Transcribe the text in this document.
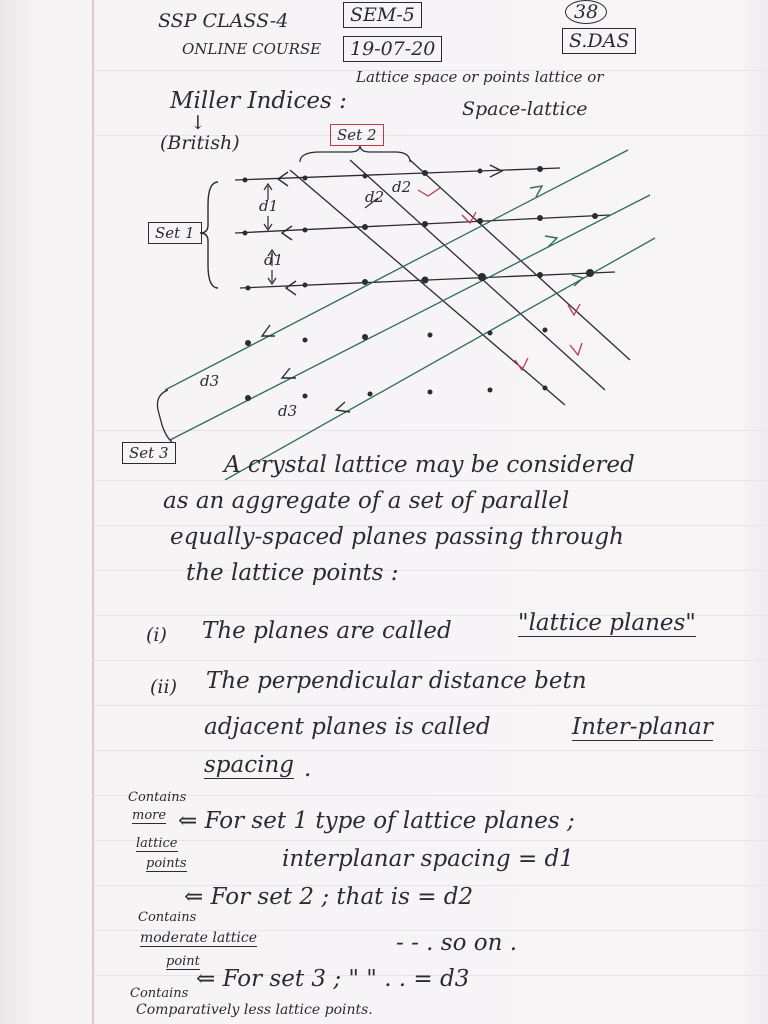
SSP CLASS-4
ONLINE COURSE
SEM-5
19-07-20
38
S.DAS
Lattice space or points lattice or
Space-lattice
Miller Indices :
↓
(British)
d1
d1
d2
d2
d3
d3
Set 1
Set 2
Set 3	A crystal lattice may be considered
as an aggregate of a set of parallel
equally-spaced planes passing through
the lattice points :
(i) The planes are called	"lattice planes"
(ii) The perpendicular distance betn
adjacent planes is called	Inter-planar
spacing .
Contains
more
lattice
points
⇐ For set 1 type of lattice planes ;
interplanar spacing = d1
⇐ For set 2 ; that is = d2
Contains
moderate lattice	- - . so on .
point
⇐ For set 3 ; " " . . = d3
Contains
Comparatively less lattice points.
